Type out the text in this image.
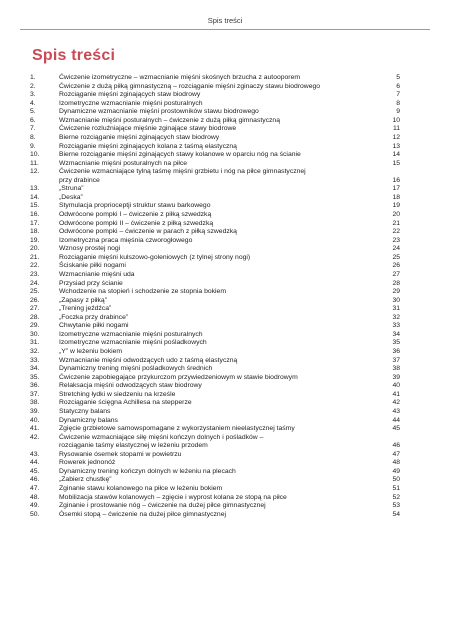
Spis treści
Spis treści
1.	Ćwiczenie izometryczne – wzmacnianie mięśni skośnych brzucha z autooporem	5
2.	Ćwiczenie z dużą piłką gimnastyczną – rozciąganie mięśni zginaczy stawu biodrowego	6
3.	Rozciąganie mięśni zginających staw biodrowy	7
4.	Izometryczne wzmacnianie mięśni posturalnych	8
5.	Dynamiczne wzmacnianie mięśni prostowników stawu biodrowego	9
6.	Wzmacnianie mięśni posturalnych – ćwiczenie z dużą piłką gimnastyczną	10
7.	Ćwiczenie rozluźniające mięśnie zginające stawy biodrowe	11
8.	Bierne rozciąganie mięśni zginających staw biodrowy	12
9.	Rozciąganie mięśni zginających kolana z taśmą elastyczną	13
10.	Bierne rozciąganie mięśni zginających stawy kolanowe w oparciu nóg na ścianie	14
11.	Wzmacnianie mięśni posturalnych na piłce	15
12.	Ćwiczenie wzmacniające tylną taśmę mięśni grzbietu i nóg na piłce gimnastycznej
przy drabince	16
13.	„Struna”	17
14.	„Deska”	18
15.	Stymulacja proprioceptji struktur stawu barkowego	19
16.	Odwrócone pompki I – ćwiczenie z piłką szwedzką	20
17.	Odwrócone pompki II – ćwiczenie z piłką szwedzką	21
18.	Odwrócone pompki – ćwiczenie w parach z piłką szwedzką	22
19.	Izometryczna praca mięśnia czworogłowego	23
20.	Wznosy prostej nogi	24
21.	Rozciąganie mięśni kulszowo-goleniowych (z tylnej strony nogi)	25
22.	Ściskanie piłki nogami	26
23.	Wzmacnianie mięśni uda	27
24.	Przysiad przy ścianie	28
25.	Wchodzenie na stopień i schodzenie ze stopnia bokiem	29
26.	„Zapasy z piłką”	30
27.	„Trening jeźdźca”	31
28.	„Foczka przy drabince”	32
29.	Chwytanie piłki nogami	33
30.	Izometryczne wzmacnianie mięśni posturalnych	34
31.	Izometryczne wzmacnianie mięśni pośladkowych	35
32.	„Y” w leżeniu bokiem	36
33.	Wzmacnianie mięśni odwodzących udo z taśmą elastyczną	37
34.	Dynamiczny trening mięśni pośladkowych średnich	38
35.	Ćwiczenie zapobiegające przykurczom przywiedzeniowym w stawie biodrowym	39
36.	Relaksacja mięśni odwodzących staw biodrowy	40
37.	Stretching łydki w siedzeniu na krześle	41
38.	Rozciąganie ścięgna Achillesa na stepperze	42
39.	Statyczny balans	43
40.	Dynamiczny balans	44
41.	Zgięcie grzbietowe samowspomagane z wykorzystaniem nieelastycznej taśmy	45
42.	Ćwiczenie wzmacniające siłę mięśni kończyn dolnych i pośladków –
rozciąganie taśmy elastycznej w leżeniu przodem	46
43.	Rysowanie ósemek stopami w powietrzu	47
44.	Rowerek jednonóż	48
45.	Dynamiczny trening kończyn dolnych w leżeniu na plecach	49
46.	„Zabierz chustkę”	50
47.	Zginanie stawu kolanowego na piłce w leżeniu bokiem	51
48.	Mobilizacja stawów kolanowych – zgięcie i wyprost kolana ze stopą na piłce	52
49.	Zginanie i prostowanie nóg – ćwiczenie na dużej piłce gimnastycznej	53
50.	Ósemki stopą – ćwiczenie na dużej piłce gimnastycznej	54
